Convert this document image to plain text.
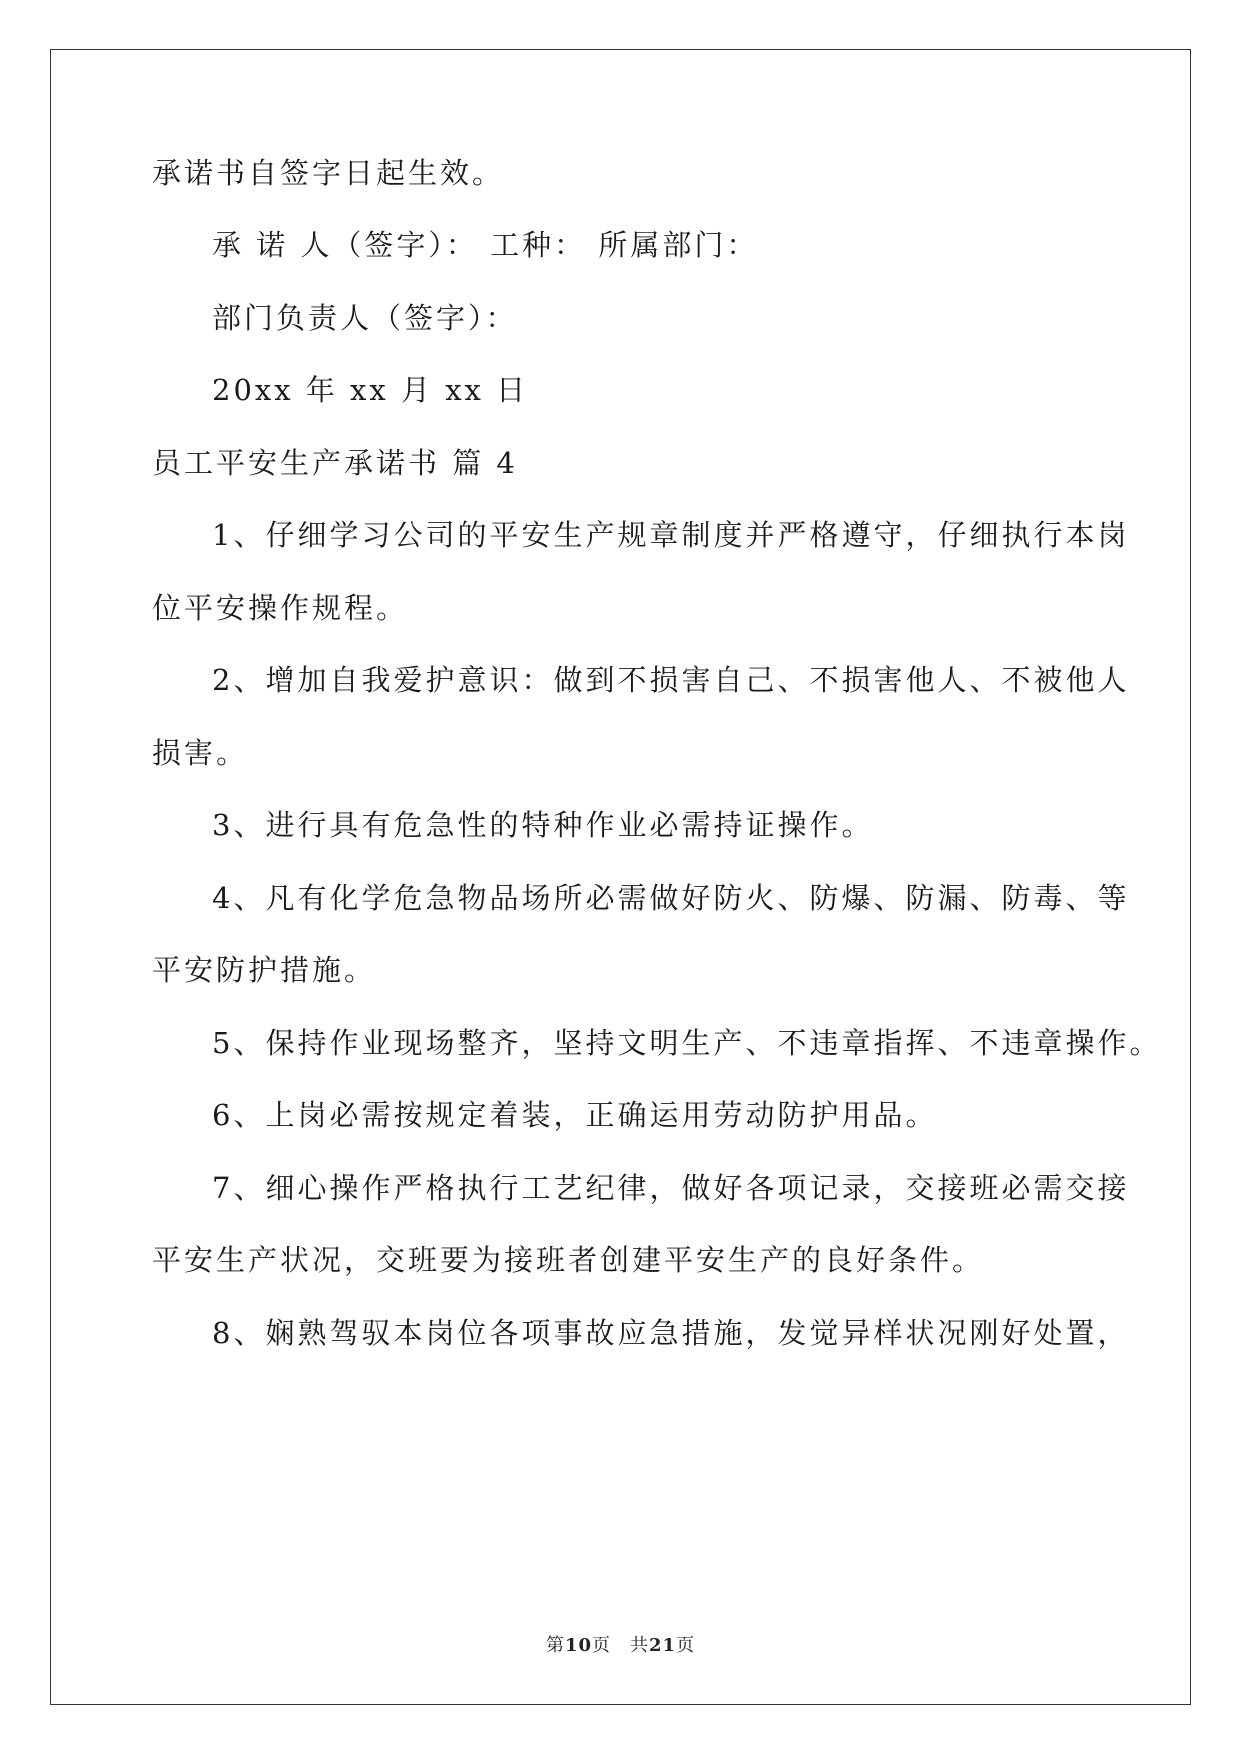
承诺书自签字日起生效。
承 诺 人（签字）： 工种： 所属部门：
部门负责人（签字）：
20xx 年 xx 月 xx 日
员工平安生产承诺书 篇 4
1、仔细学习公司的平安生产规章制度并严格遵守，仔细执行本岗
位平安操作规程。
2、增加自我爱护意识：做到不损害自己、不损害他人、不被他人
损害。
3、进行具有危急性的特种作业必需持证操作。
4、凡有化学危急物品场所必需做好防火、防爆、防漏、防毒、等
平安防护措施。
5、保持作业现场整齐，坚持文明生产、不违章指挥、不违章操作。
6、上岗必需按规定着装，正确运用劳动防护用品。
7、细心操作严格执行工艺纪律，做好各项记录，交接班必需交接
平安生产状况，交班要为接班者创建平安生产的良好条件。
8、娴熟驾驭本岗位各项事故应急措施，发觉异样状况刚好处置，
第10页　共21页
